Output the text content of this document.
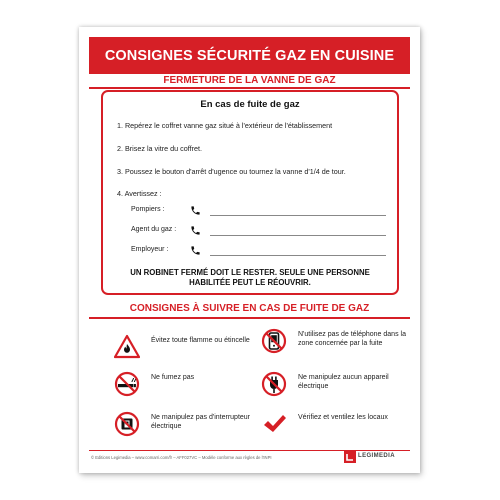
CONSIGNES SÉCURITÉ GAZ EN CUISINE
FERMETURE DE LA VANNE DE GAZ
En cas de fuite de gaz
1. Repérez le coffret vanne gaz situé à l'extérieur de l'établissement
2. Brisez la vitre du coffret.
3. Poussez le bouton d'arrêt d'ugence ou tournez la vanne d'1/4 de tour.
4. Avertissez :
Pompiers :
Agent du gaz :
Employeur :
UN ROBINET FERMÉ DOIT LE RESTER. SEULE UNE PERSONNE
HABILITÉE PEUT LE RÉOUVRIR.
CONSIGNES À SUIVRE EN CAS DE FUITE DE GAZ
Évitez toute flamme ou étincelle
N'utilisez pas de téléphone dans la zone concernée par la fuite
Ne fumez pas	Ne manipulez aucun appareil électrique
Ne manipulez pas d'interrupteur électrique
Vérifiez et ventilez les locaux
© Editions Legimedia – www.comarri.com/fr – AFF027VC – Modèle conforme aux règles de l'INPI	LEGIMEDIA
